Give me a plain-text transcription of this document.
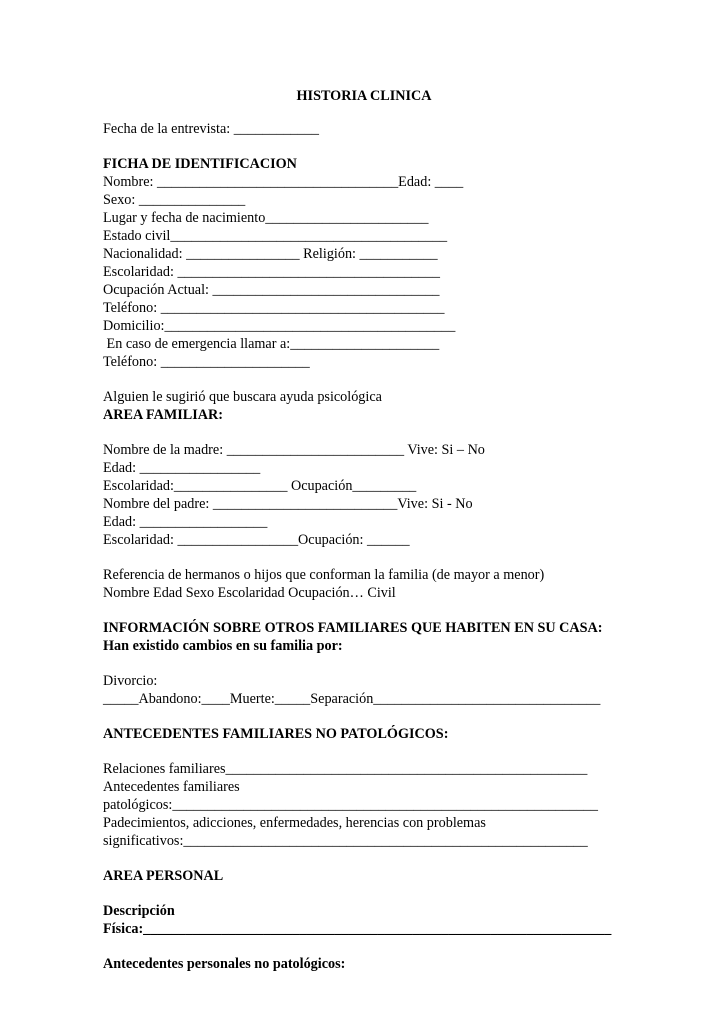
HISTORIA CLINICA
Fecha de la entrevista: ____________
FICHA DE IDENTIFICACION
Nombre: __________________________________Edad: ____
Sexo: _______________
Lugar y fecha de nacimiento_______________________
Estado civil_______________________________________
Nacionalidad: ________________ Religión: ___________
Escolaridad: _____________________________________
Ocupación Actual: ________________________________
Teléfono: ________________________________________
Domicilio:_________________________________________
En caso de emergencia llamar a:_____________________
Teléfono: _____________________
Alguien le sugirió que buscara ayuda psicológica
AREA FAMILIAR:
Nombre de la madre: _________________________ Vive: Si – No
Edad: _________________
Escolaridad:________________ Ocupación_________
Nombre del padre: __________________________Vive: Si - No
Edad: __________________
Escolaridad: _________________Ocupación: ______
Referencia de hermanos o hijos que conforman la familia (de mayor a menor)
Nombre Edad Sexo Escolaridad Ocupación… Civil
INFORMACIÓN SOBRE OTROS FAMILIARES QUE HABITEN EN SU CASA:
Han existido cambios en su familia por:
Divorcio:
_____Abandono:____Muerte:_____Separación________________________________
ANTECEDENTES FAMILIARES NO PATOLÓGICOS:
Relaciones familiares___________________________________________________
Antecedentes familiares
patológicos:____________________________________________________________
Padecimientos, adicciones, enfermedades, herencias con problemas
significativos:_________________________________________________________
AREA PERSONAL
Descripción
Física:__________________________________________________________________
Antecedentes personales no patológicos:
